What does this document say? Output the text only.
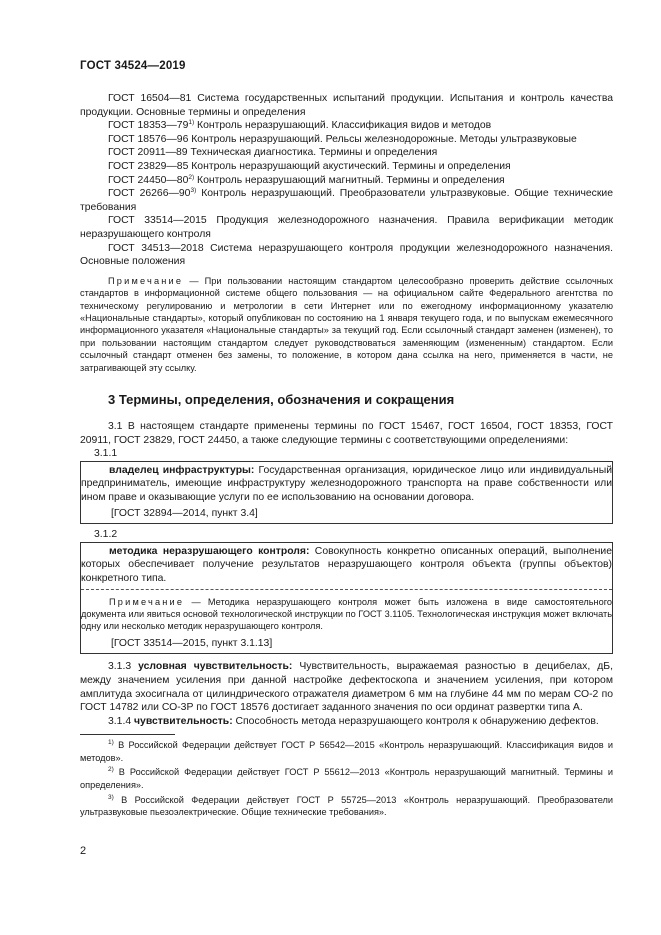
ГОСТ 34524—2019

ГОСТ 16504—81 Система государственных испытаний продукции. Испытания и контроль качества продукции. Основные термины и определения

ГОСТ 18353—79$^{1)}$ Контроль неразрушающий. Классификация видов и методов

ГОСТ 18576—96 Контроль неразрушающий. Рельсы железнодорожные. Методы ультразвуковые

ГОСТ 20911—89 Техническая диагностика. Термины и определения

ГОСТ 23829—85 Контроль неразрушающий акустический. Термины и определения

ГОСТ 24450—80$^{2)}$ Контроль неразрушающий магнитный. Термины и определения

ГОСТ 26266—90$^{3)}$ Контроль неразрушающий. Преобразователи ультразвуковые. Общие технические требования

ГОСТ 33514—2015 Продукция железнодорожного назначения. Правила верификации методик неразрушающего контроля

ГОСТ 34513—2018 Система неразрушающего контроля продукции железнодорожного назначения. Основные положения

Примечание — При пользовании настоящим стандартом целесообразно проверить действие ссылочных стандартов в информационной системе общего пользования — на официальном сайте Федерального агентства по техническому регулированию и метрологии в сети Интернет или по ежегодному информационному указателю «Национальные стандарты», который опубликован по состоянию на 1 января текущего года, и по выпускам ежемесячного информационного указателя «Национальные стандарты» за текущий год. Если ссылочный стандарт заменен (изменен), то при пользовании настоящим стандартом следует руководствоваться заменяющим (измененным) стандартом. Если ссылочный стандарт отменен без замены, то положение, в котором дана ссылка на него, применяется в части, не затрагивающей эту ссылку.

3 Термины, определения, обозначения и сокращения

3.1 В настоящем стандарте применены термины по ГОСТ 15467, ГОСТ 16504, ГОСТ 18353, ГОСТ 20911, ГОСТ 23829, ГОСТ 24450, а также следующие термины с соответствующими определениями:

3.1.1

владелец инфраструктуры: Государственная организация, юридическое лицо или индивидуальный предприниматель, имеющие инфраструктуру железнодорожного транспорта на праве собственности или ином праве и оказывающие услуги по ее использованию на основании договора.

[ГОСТ 32894—2014, пункт 3.4]
3.1.2

методика неразрушающего контроля: Совокупность конкретно описанных операций, выполнение которых обеспечивает получение результатов неразрушающего контроля объекта (группы объектов) конкретного типа.

Примечание — Методика неразрушающего контроля может быть изложена в виде самостоятельного документа или явиться основой технологической инструкции по ГОСТ 3.1105. Технологическая инструкция может включать одну или несколько методик неразрушающего контроля.

[ГОСТ 33514—2015, пункт 3.1.13]

3.1.3 условная чувствительность: Чувствительность, выражаемая разностью в децибелах, дБ, между значением усиления при данной настройке дефектоскопа и значением усиления, при котором амплитуда эхосигнала от цилиндрического отражателя диаметром 6 мм на глубине 44 мм по мерам СО-2 по ГОСТ 14782 или СО-3Р по ГОСТ 18576 достигает заданного значения по оси ординат развертки типа А.

3.1.4 чувствительность: Способность метода неразрушающего контроля к обнаружению дефектов.

$^{1)}$ В Российской Федерации действует ГОСТ Р 56542—2015 «Контроль неразрушающий. Классификация видов и методов».

$^{2)}$ В Российской Федерации действует ГОСТ Р 55612—2013 «Контроль неразрушающий магнитный. Термины и определения».

$^{3)}$ В Российской Федерации действует ГОСТ Р 55725—2013 «Контроль неразрушающий. Преобразователи ультразвуковые пьезоэлектрические. Общие технические требования».

2
